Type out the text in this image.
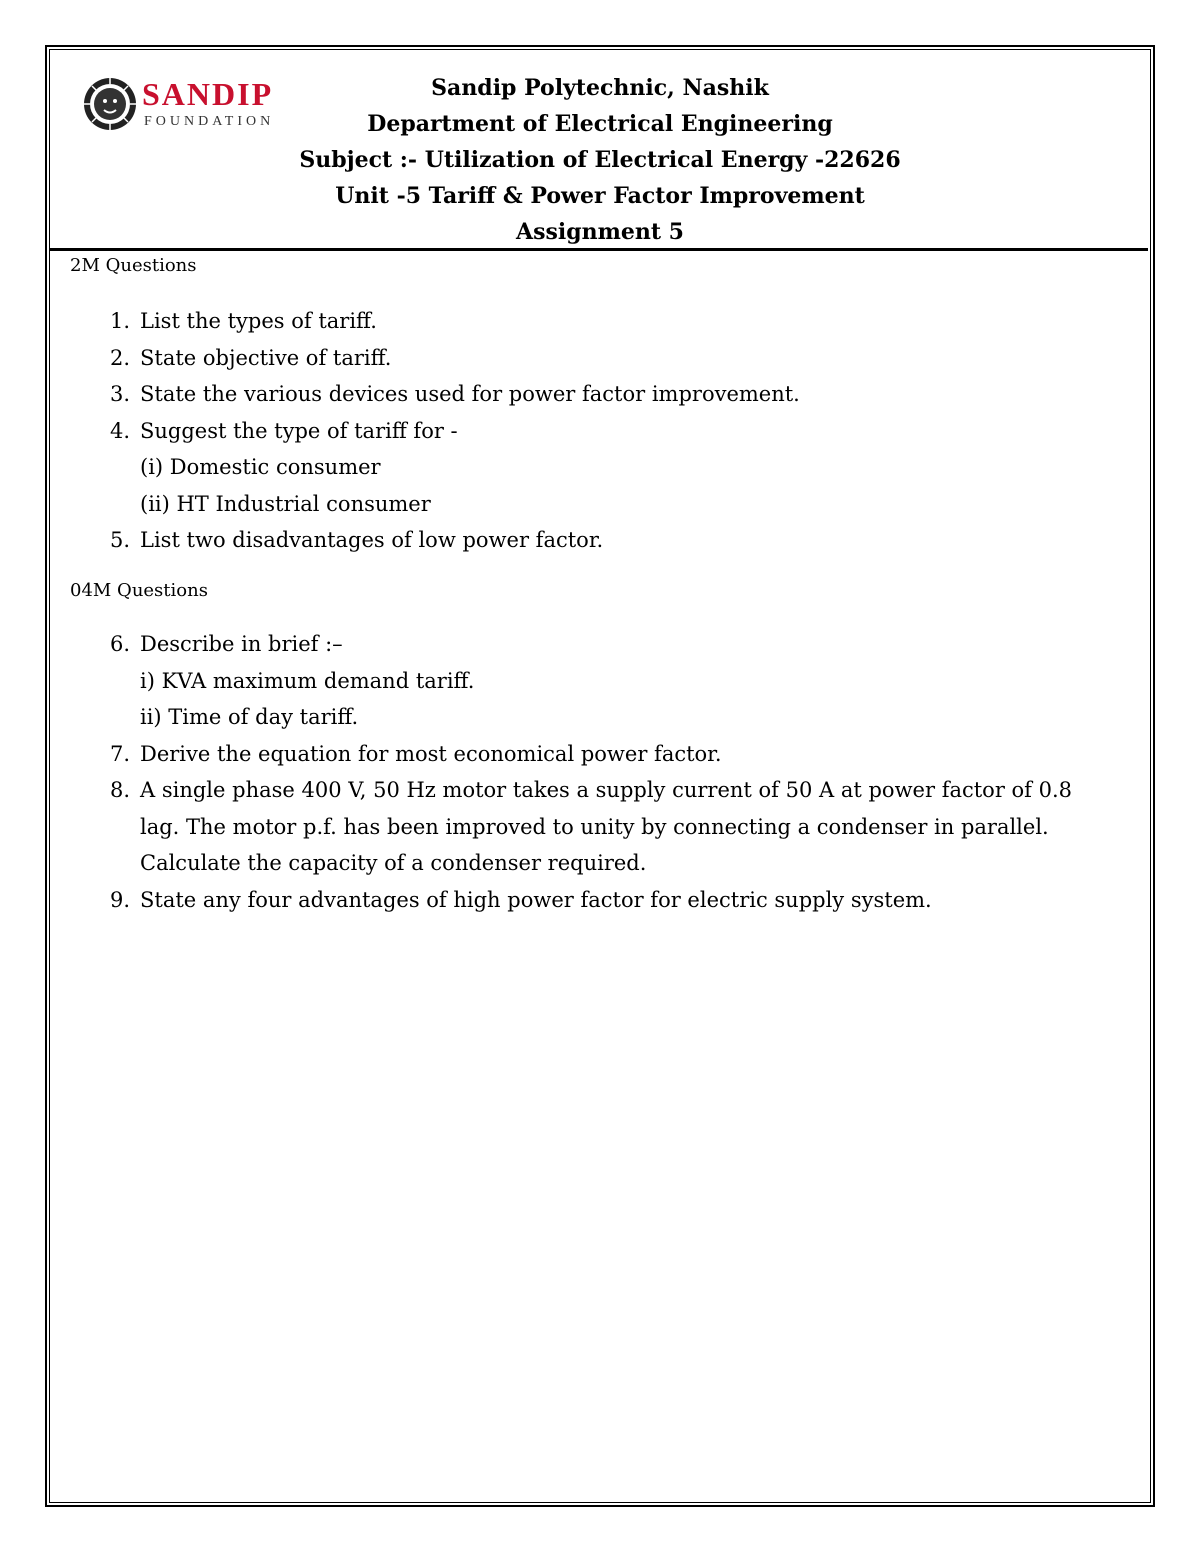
SANDIP
FOUNDATION
Sandip Polytechnic, Nashik
Department of Electrical Engineering
Subject :- Utilization of Electrical Energy -22626
Unit -5 Tariff & Power Factor Improvement
Assignment 5
2M Questions
1. List the types of tariff.
2. State objective of tariff.
3. State the various devices used for power factor improvement.
4. Suggest the type of tariff for -
(i) Domestic consumer
(ii) HT Industrial consumer
5. List two disadvantages of low power factor.
04M Questions
6. Describe in brief :–
i) KVA maximum demand tariff.
ii) Time of day tariff.
7. Derive the equation for most economical power factor.
8. A single phase 400 V, 50 Hz motor takes a supply current of 50 A at power factor of 0.8
lag. The motor p.f. has been improved to unity by connecting a condenser in parallel.
Calculate the capacity of a condenser required.
9. State any four advantages of high power factor for electric supply system.
